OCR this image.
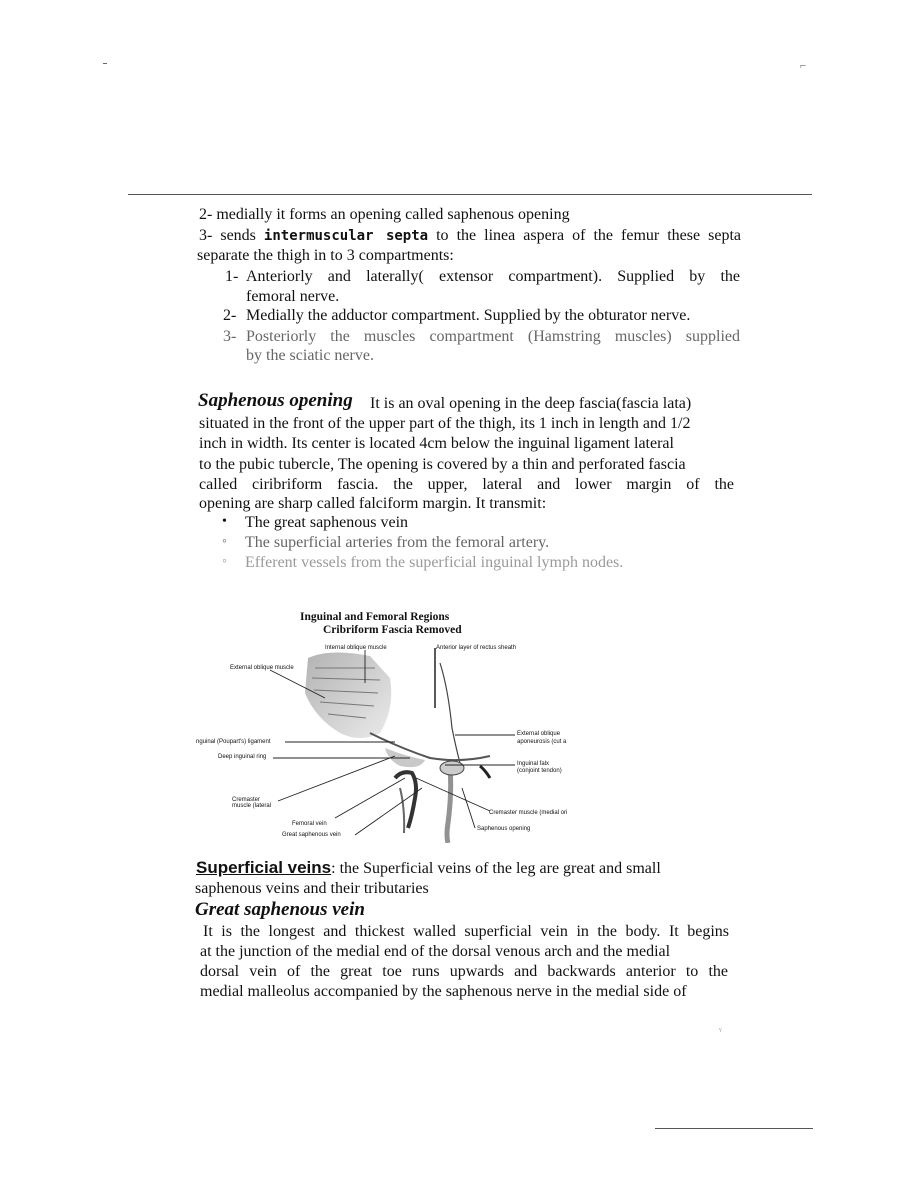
⌐
2- medially it forms an opening called saphenous opening
3- sends intermuscular septa to the linea aspera of the femur these septa
separate the thigh in to 3 compartments:
1- Anteriorly and laterally( extensor compartment). Supplied by the
femoral nerve.
2- Medially the adductor compartment. Supplied by the obturator nerve.
3- Posteriorly the muscles compartment (Hamstring muscles) supplied
by the sciatic nerve.
Saphenous opening It is an oval opening in the deep fascia(fascia lata)
situated in the front of the upper part of the thigh, its 1 inch in length and 1/2
inch in width. Its center is located 4cm below the inguinal ligament lateral
to the pubic tubercle, The opening is covered by a thin and perforated fascia
called ciribriform fascia. the upper, lateral and lower margin of the
opening are sharp called falciform margin. It transmit:
• The great saphenous vein
◦ The superficial arteries from the femoral artery.
◦ Efferent vessels from the superficial inguinal lymph nodes.
Inguinal and Femoral Regions
Cribriform Fascia Removed
Internal oblique muscle	Anterior layer of rectus sheath
External oblique muscle
nguinal (Poupart's) ligament
External oblique
aponeurosis (cut a
Deep inguinal ring
Inguinal falx
(conjoint tendon)
Cremaster
muscle (lateral
Cremaster muscle (medial ori
Femoral vein
Saphenous opening
Great saphenous vein
Superficial veins: the Superficial veins of the leg are great and small
saphenous veins and their tributaries
Great saphenous vein
It is the longest and thickest walled superficial vein in the body. It begins
at the junction of the medial end of the dorsal venous arch and the medial
dorsal vein of the great toe runs upwards and backwards anterior to the
medial malleolus accompanied by the saphenous nerve in the medial side of
ᵧ
